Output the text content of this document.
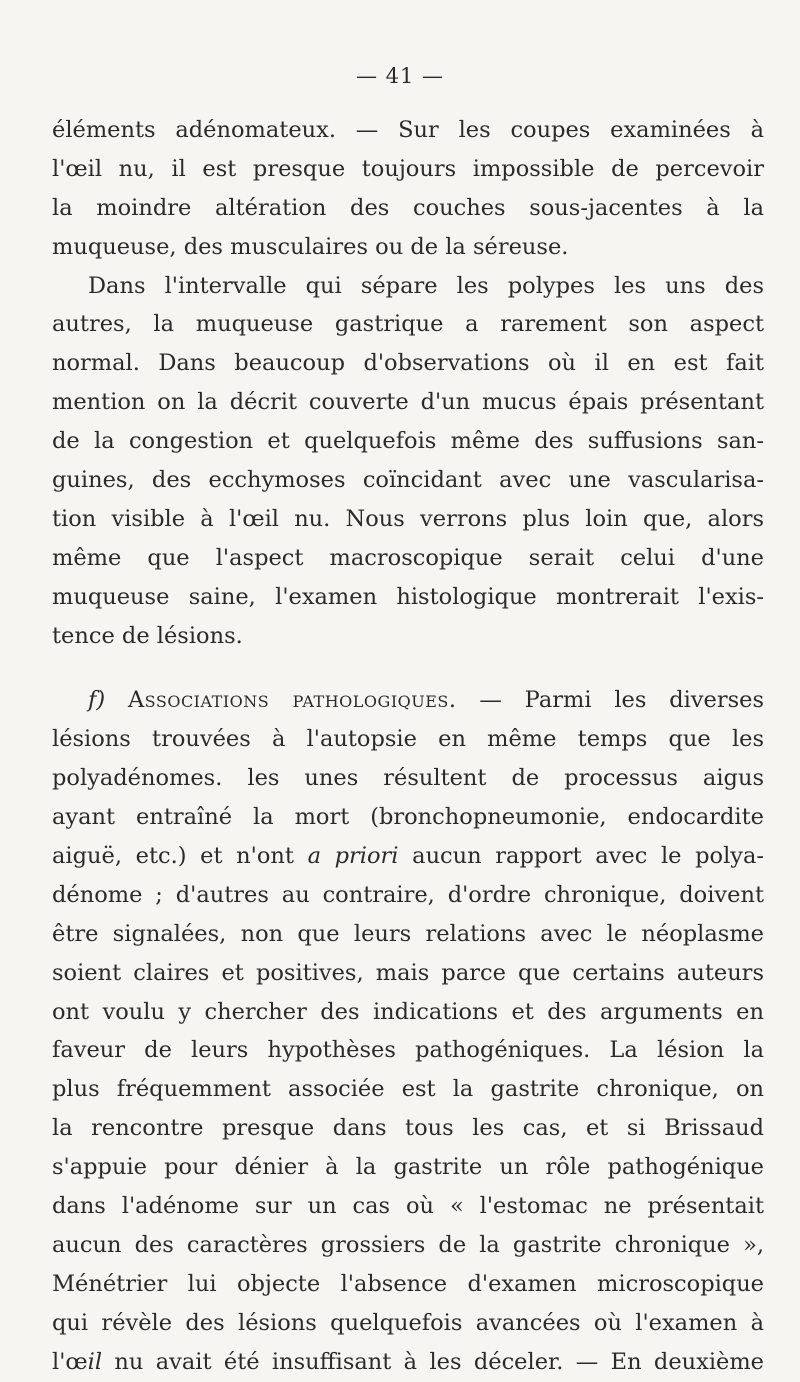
— 41 —
éléments adénomateux. — Sur les coupes examinées à
l'œil nu, il est presque toujours impossible de percevoir
la moindre altération des couches sous-jacentes à la
muqueuse, des musculaires ou de la séreuse.
Dans l'intervalle qui sépare les polypes les uns des
autres, la muqueuse gastrique a rarement son aspect
normal. Dans beaucoup d'observations où il en est fait
mention on la décrit couverte d'un mucus épais présentant
de la congestion et quelquefois même des suffusions san-
guines, des ecchymoses coïncidant avec une vascularisa-
tion visible à l'œil nu. Nous verrons plus loin que, alors
même que l'aspect macroscopique serait celui d'une
muqueuse saine, l'examen histologique montrerait l'exis-
tence de lésions.
f) Associations pathologiques. — Parmi les diverses
lésions trouvées à l'autopsie en même temps que les
polyadénomes. les unes résultent de processus aigus
ayant entraîné la mort (bronchopneumonie, endocardite
aiguë, etc.) et n'ont a priori aucun rapport avec le polya-
dénome ; d'autres au contraire, d'ordre chronique, doivent
être signalées, non que leurs relations avec le néoplasme
soient claires et positives, mais parce que certains auteurs
ont voulu y chercher des indications et des arguments en
faveur de leurs hypothèses pathogéniques. La lésion la
plus fréquemment associée est la gastrite chronique, on
la rencontre presque dans tous les cas, et si Brissaud
s'appuie pour dénier à la gastrite un rôle pathogénique
dans l'adénome sur un cas où « l'estomac ne présentait
aucun des caractères grossiers de la gastrite chronique »,
Ménétrier lui objecte l'absence d'examen microscopique
qui révèle des lésions quelquefois avancées où l'examen à
l'œil nu avait été insuffisant à les déceler. — En deuxième
